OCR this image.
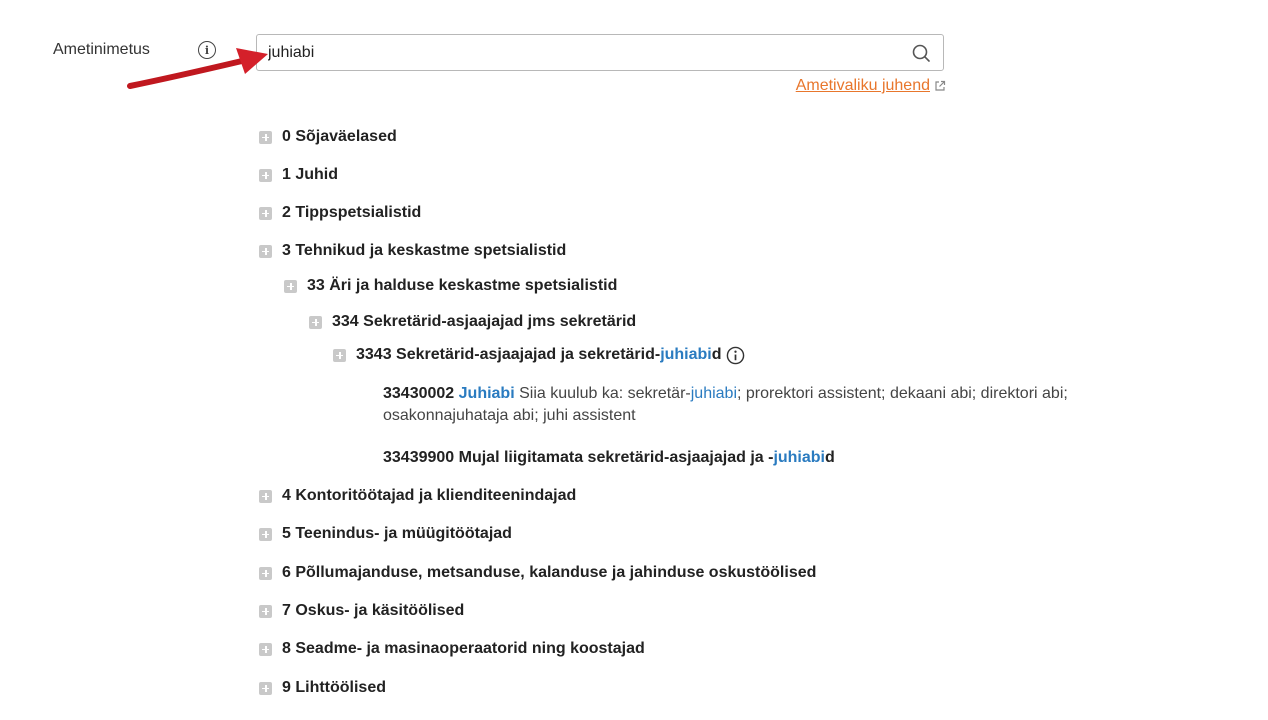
Ametinimetus	i
juhiabi
Ametivaliku juhend
0 Sõjaväelased
1 Juhid
2 Tippspetsialistid
3 Tehnikud ja keskastme spetsialistid
33 Äri ja halduse keskastme spetsialistid
334 Sekretärid-asjaajajad jms sekretärid
3343 Sekretärid-asjaajajad ja sekretärid-juhiabid
33430002 Juhiabi Siia kuulub ka: sekretär-juhiabi; prorektori assistent; dekaani abi; direktori abi; osakonnajuhataja abi; juhi assistent
33439900 Mujal liigitamata sekretärid-asjaajajad ja -juhiabid
4 Kontoritöötajad ja klienditeenindajad
5 Teenindus- ja müügitöötajad
6 Põllumajanduse, metsanduse, kalanduse ja jahinduse oskustöölised
7 Oskus- ja käsitöölised
8 Seadme- ja masinaoperaatorid ning koostajad
9 Lihttöölised
